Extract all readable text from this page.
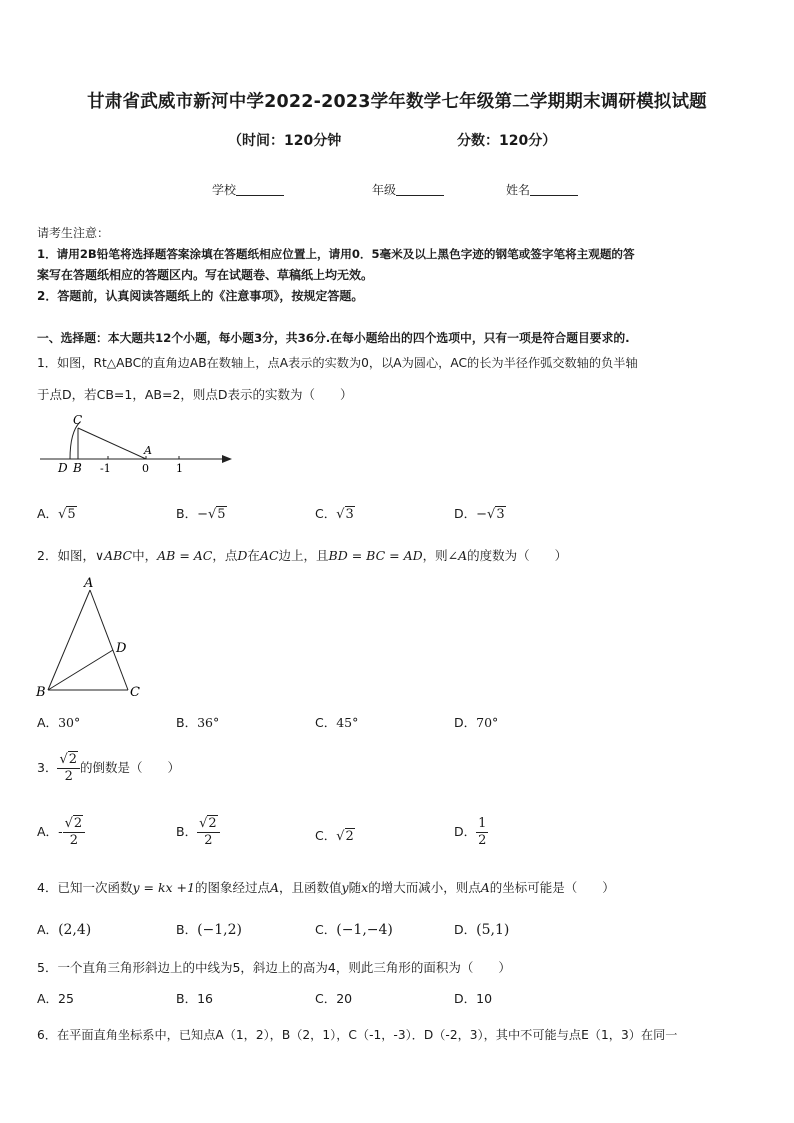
甘肃省武威市新河中学2022-2023学年数学七年级第二学期期末调研模拟试题
（时间：120分钟	分数：120分）
学校	年级	姓名
请考生注意：
1．请用2B铅笔将选择题答案涂填在答题纸相应位置上，请用0．5毫米及以上黑色字迹的钢笔或签字笔将主观题的答
案写在答题纸相应的答题区内。写在试题卷、草稿纸上均无效。
2．答题前，认真阅读答题纸上的《注意事项》，按规定答题。
一、选择题：本大题共12个小题，每小题3分，共36分.在每小题给出的四个选项中，只有一项是符合题目要求的.
1．如图，Rt△ABC的直角边AB在数轴上，点A表示的实数为0，以A为圆心，AC的长为半径作弧交数轴的负半轴
于点D，若CB=1，AB=2，则点D表示的实数为（　　）
C
A
D B -1	0 1
A．√5	B．−√5	C．√3	D．−√3
2．如图，∨ABC中，AB = AC，点D在AC边上，且BD = BC = AD，则∠A的度数为（　　）
A
B	C
D
A．30°	B．36°	C．45°	D．70°
3． $\frac{√2}{2}$ 的倒数是（　　）
A．- $\frac{√2}{2}$	B． $\frac{√2}{2}$	C．√2	D． $\frac{1}{2}$
4．已知一次函数y = kx +1的图象经过点A，且函数值y随x的增大而减小，则点A的坐标可能是（　　）
A．(2,4)	B．(−1,2)	C．(−1,−4)	D．(5,1)
5．一个直角三角形斜边上的中线为5，斜边上的高为4，则此三角形的面积为（　　）
A．25	B．16	C．20	D．10
6．在平面直角坐标系中，已知点A（1，2），B（2，1），C（-1，-3）．D（-2，3），其中不可能与点E（1，3）在同一
